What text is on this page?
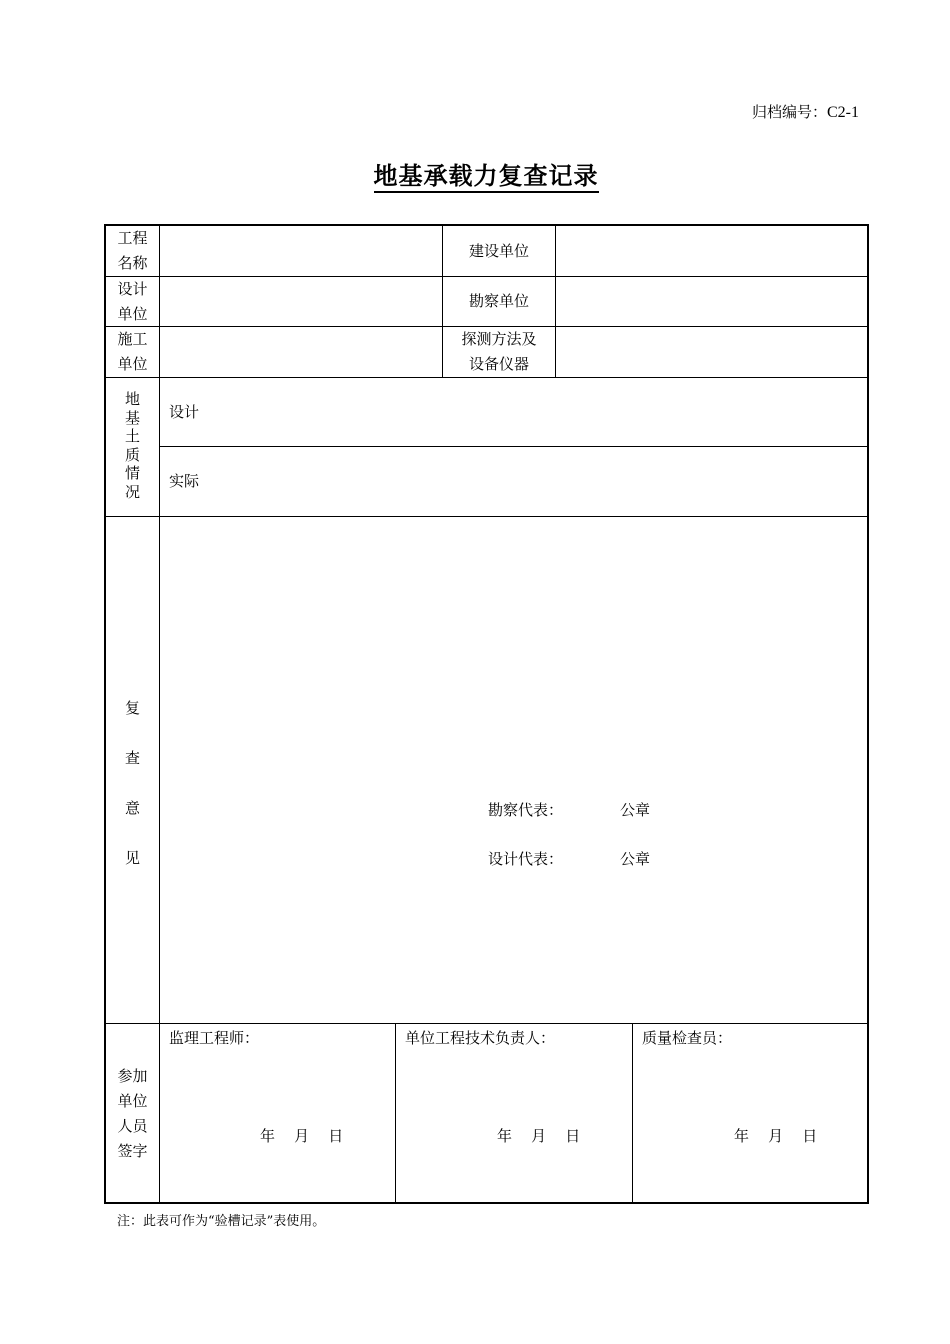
归档编号：C2-1
地基承载力复查记录
工程
名称
建设单位
设计
单位
勘察单位
施工
单位
探测方法及
设备仪器
地
基
土
质
情
况
设计
实际
复
查
意
见
勘察代表：	公章
设计代表：	公章
参加
单位
人员
签字
监理工程师：
年 月 日
单位工程技术负责人：
年 月 日
质量检查员：
年 月 日
注：此表可作为“验槽记录”表使用。
